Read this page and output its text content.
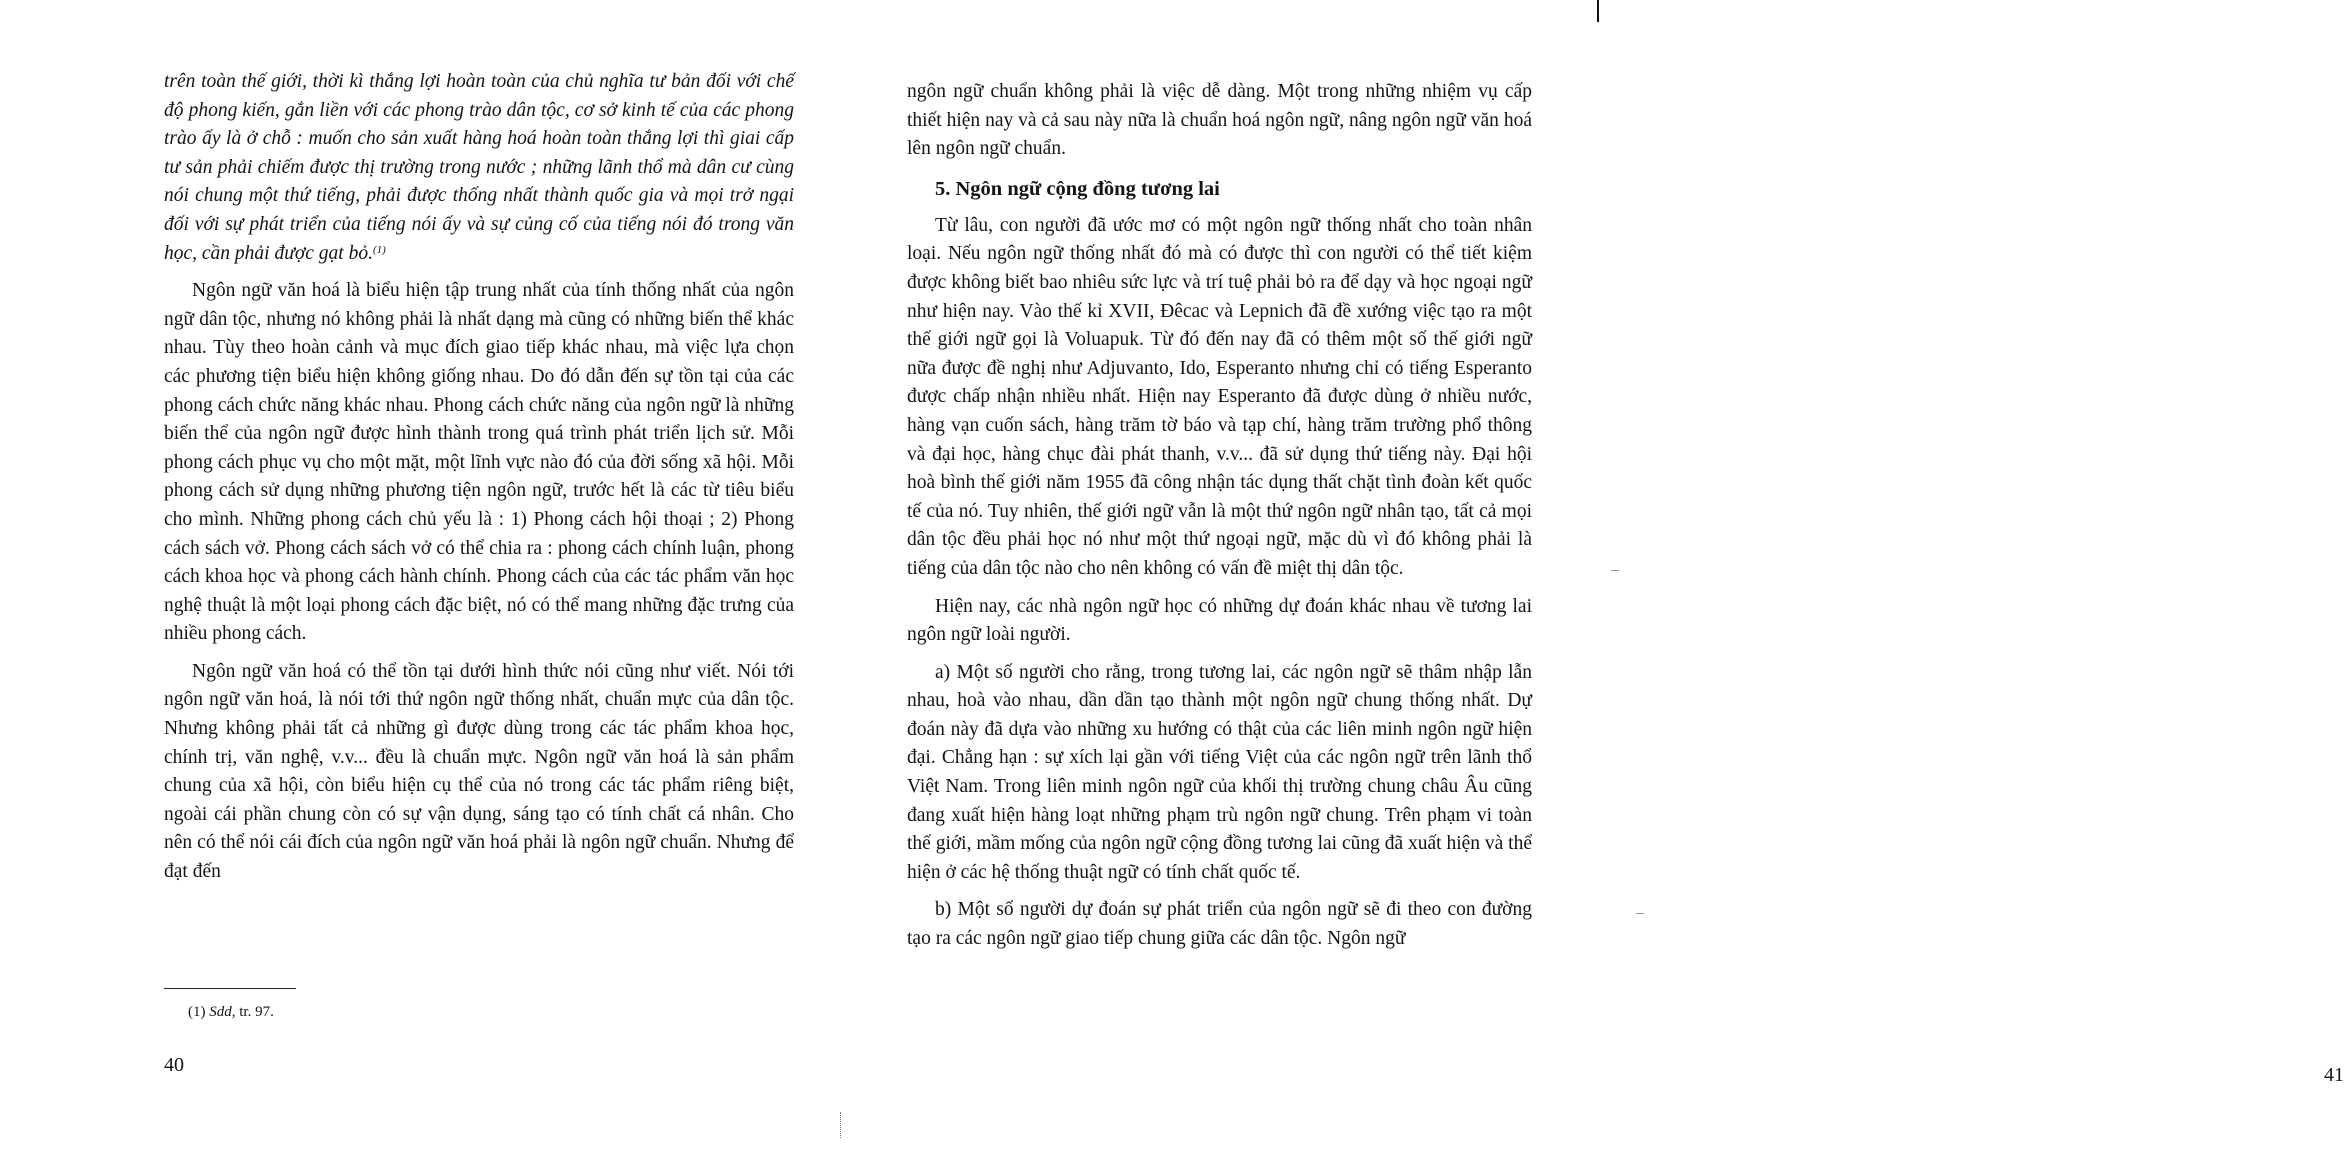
trên toàn thế giới, thời kì thắng lợi hoàn toàn của chủ nghĩa tư bản đối với chế độ phong kiến, gắn liền với các phong trào dân tộc, cơ sở kinh tế của các phong trào ấy là ở chỗ : muốn cho sản xuất hàng hoá hoàn toàn thắng lợi thì giai cấp tư sản phải chiếm được thị trường trong nước ; những lãnh thổ mà dân cư cùng nói chung một thứ tiếng, phải được thống nhất thành quốc gia và mọi trở ngại đối với sự phát triển của tiếng nói ấy và sự củng cố của tiếng nói đó trong văn học, cần phải được gạt bỏ.$^{(1)}$

Ngôn ngữ văn hoá là biểu hiện tập trung nhất của tính thống nhất của ngôn ngữ dân tộc, nhưng nó không phải là nhất dạng mà cũng có những biến thể khác nhau. Tùy theo hoàn cảnh và mục đích giao tiếp khác nhau, mà việc lựa chọn các phương tiện biểu hiện không giống nhau. Do đó dẫn đến sự tồn tại của các phong cách chức năng khác nhau. Phong cách chức năng của ngôn ngữ là những biến thể của ngôn ngữ được hình thành trong quá trình phát triển lịch sử. Mỗi phong cách phục vụ cho một mặt, một lĩnh vực nào đó của đời sống xã hội. Mỗi phong cách sử dụng những phương tiện ngôn ngữ, trước hết là các từ tiêu biểu cho mình. Những phong cách chủ yếu là : 1) Phong cách hội thoại ; 2) Phong cách sách vở. Phong cách sách vở có thể chia ra : phong cách chính luận, phong cách khoa học và phong cách hành chính. Phong cách của các tác phẩm văn học nghệ thuật là một loại phong cách đặc biệt, nó có thể mang những đặc trưng của nhiều phong cách.

Ngôn ngữ văn hoá có thể tồn tại dưới hình thức nói cũng như viết. Nói tới ngôn ngữ văn hoá, là nói tới thứ ngôn ngữ thống nhất, chuẩn mực của dân tộc. Nhưng không phải tất cả những gì được dùng trong các tác phẩm khoa học, chính trị, văn nghệ, v.v... đều là chuẩn mực. Ngôn ngữ văn hoá là sản phẩm chung của xã hội, còn biểu hiện cụ thể của nó trong các tác phẩm riêng biệt, ngoài cái phần chung còn có sự vận dụng, sáng tạo có tính chất cá nhân. Cho nên có thể nói cái đích của ngôn ngữ văn hoá phải là ngôn ngữ chuẩn. Nhưng để đạt đến

(1) Sdd, tr. 97.
40

ngôn ngữ chuẩn không phải là việc dễ dàng. Một trong những nhiệm vụ cấp thiết hiện nay và cả sau này nữa là chuẩn hoá ngôn ngữ, nâng ngôn ngữ văn hoá lên ngôn ngữ chuẩn.

5. Ngôn ngữ cộng đồng tương lai

Từ lâu, con người đã ước mơ có một ngôn ngữ thống nhất cho toàn nhân loại. Nếu ngôn ngữ thống nhất đó mà có được thì con người có thể tiết kiệm được không biết bao nhiêu sức lực và trí tuệ phải bỏ ra để dạy và học ngoại ngữ như hiện nay. Vào thế kỉ XVII, Đêcac và Lepnich đã đề xướng việc tạo ra một thế giới ngữ gọi là Voluapuk. Từ đó đến nay đã có thêm một số thế giới ngữ nữa được đề nghị như Adjuvanto, Ido, Esperanto nhưng chỉ có tiếng Esperanto được chấp nhận nhiều nhất. Hiện nay Esperanto đã được dùng ở nhiều nước, hàng vạn cuốn sách, hàng trăm tờ báo và tạp chí, hàng trăm trường phổ thông và đại học, hàng chục đài phát thanh, v.v... đã sử dụng thứ tiếng này. Đại hội hoà bình thế giới năm 1955 đã công nhận tác dụng thất chặt tình đoàn kết quốc tế của nó. Tuy nhiên, thế giới ngữ vẫn là một thứ ngôn ngữ nhân tạo, tất cả mọi dân tộc đều phải học nó như một thứ ngoại ngữ, mặc dù vì đó không phải là tiếng của dân tộc nào cho nên không có vấn đề miệt thị dân tộc.

Hiện nay, các nhà ngôn ngữ học có những dự đoán khác nhau về tương lai ngôn ngữ loài người.

a) Một số người cho rằng, trong tương lai, các ngôn ngữ sẽ thâm nhập lẫn nhau, hoà vào nhau, dần dần tạo thành một ngôn ngữ chung thống nhất. Dự đoán này đã dựa vào những xu hướng có thật của các liên minh ngôn ngữ hiện đại. Chẳng hạn : sự xích lại gần với tiếng Việt của các ngôn ngữ trên lãnh thổ Việt Nam. Trong liên minh ngôn ngữ của khối thị trường chung châu Âu cũng đang xuất hiện hàng loạt những phạm trù ngôn ngữ chung. Trên phạm vi toàn thế giới, mầm mống của ngôn ngữ cộng đồng tương lai cũng đã xuất hiện và thể hiện ở các hệ thống thuật ngữ có tính chất quốc tế.

b) Một số người dự đoán sự phát triển của ngôn ngữ sẽ đi theo con đường tạo ra các ngôn ngữ giao tiếp chung giữa các dân tộc. Ngôn ngữ

41
